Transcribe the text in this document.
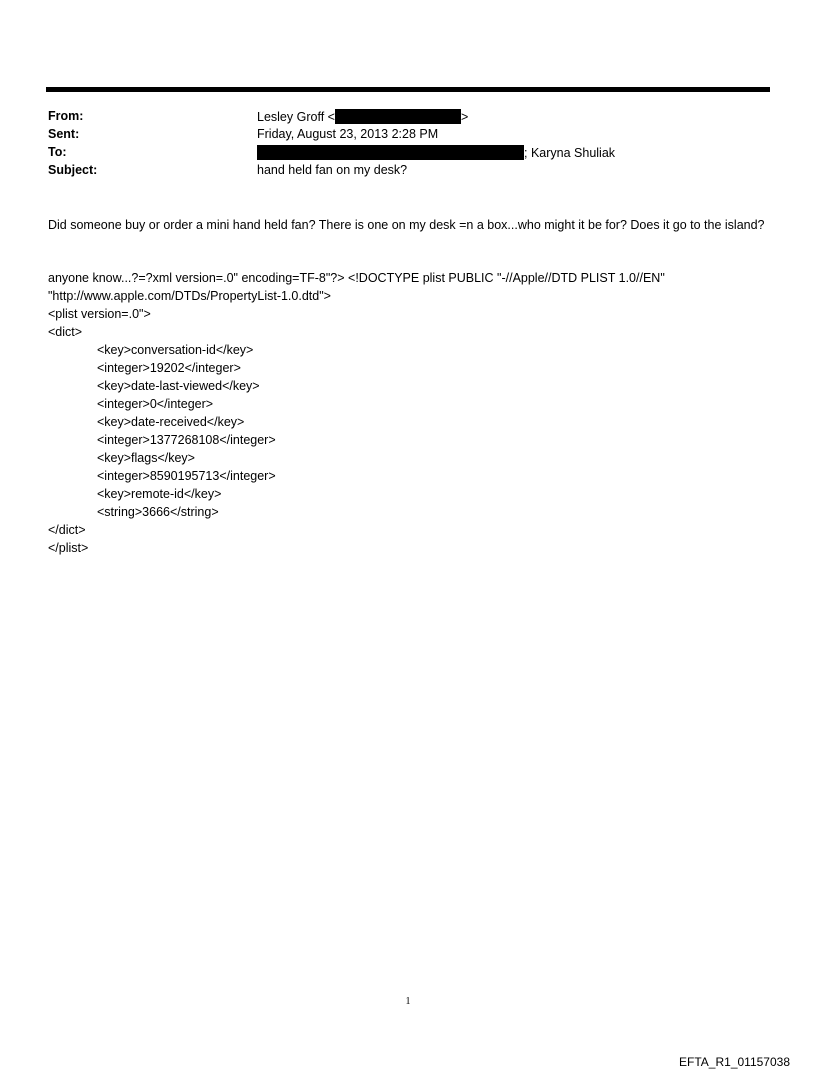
From:	Lesley Groff <	>
Sent:	Friday, August 23, 2013 2:28 PM
To:	; Karyna Shuliak
Subject:	hand held fan on my desk?
Did someone buy or order a mini hand held fan? There is one on my desk =n a box...who might it be for? Does it go to the island?
anyone know...?=?xml version=.0" encoding=TF-8"?> <!DOCTYPE plist PUBLIC "-//Apple//DTD PLIST 1.0//EN"
"http://www.apple.com/DTDs/PropertyList-1.0.dtd">
<plist version=.0">
<dict>
<key>conversation-id</key>
<integer>19202</integer>
<key>date-last-viewed</key>
<integer>0</integer>
<key>date-received</key>
<integer>1377268108</integer>
<key>flags</key>
<integer>8590195713</integer>
<key>remote-id</key>
<string>3666</string>
</dict>
</plist>
1
EFTA_R1_01157038
